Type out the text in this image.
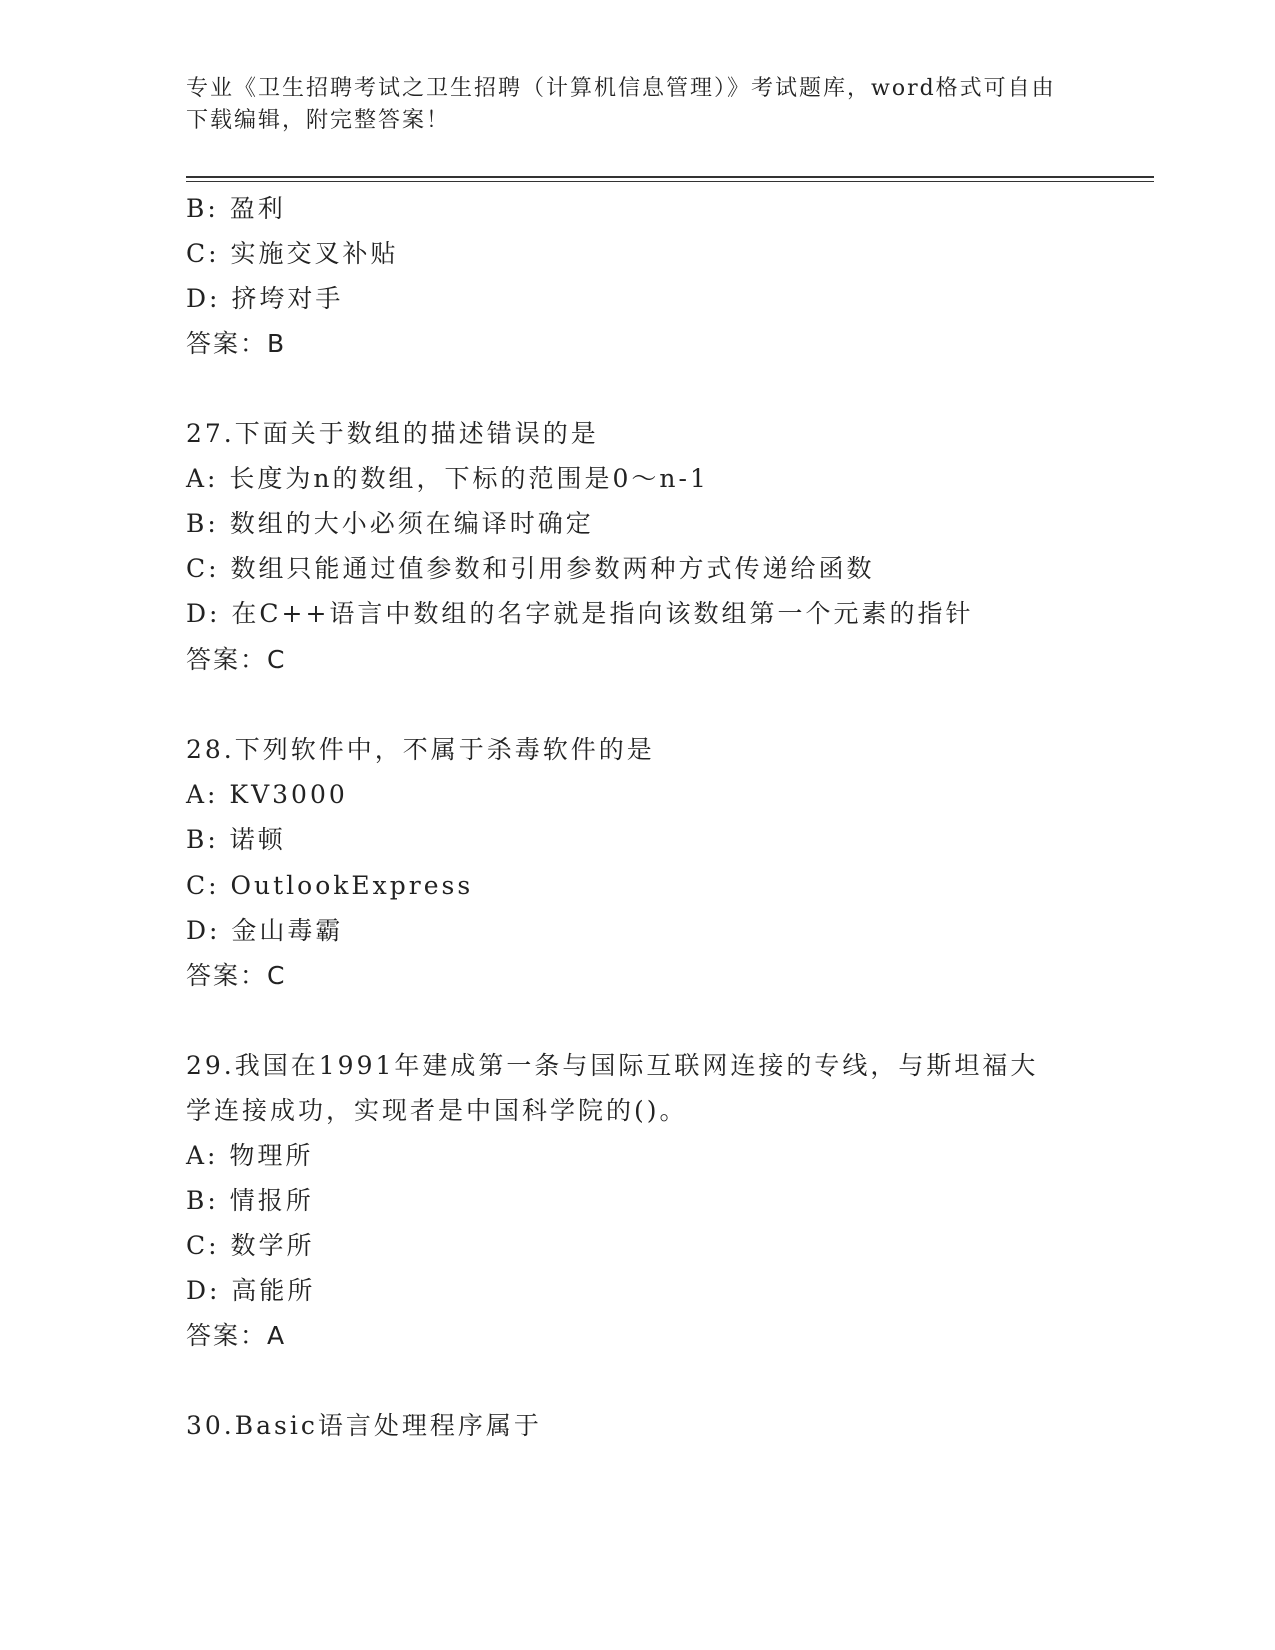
专业《卫生招聘考试之卫生招聘（计算机信息管理）》考试题库，word格式可自由下载编辑，附完整答案！
B: 盈利
C: 实施交叉补贴
D: 挤垮对手
答案：B
27.下面关于数组的描述错误的是
A: 长度为n的数组，下标的范围是0～n-1
B: 数组的大小必须在编译时确定
C: 数组只能通过值参数和引用参数两种方式传递给函数
D: 在C++语言中数组的名字就是指向该数组第一个元素的指针
答案：C
28.下列软件中，不属于杀毒软件的是
A: KV3000
B: 诺顿
C: OutlookExpress
D: 金山毒霸
答案：C
29.我国在1991年建成第一条与国际互联网连接的专线，与斯坦福大学连接成功，实现者是中国科学院的()。
A: 物理所
B: 情报所
C: 数学所
D: 高能所
答案：A
30.Basic语言处理程序属于
